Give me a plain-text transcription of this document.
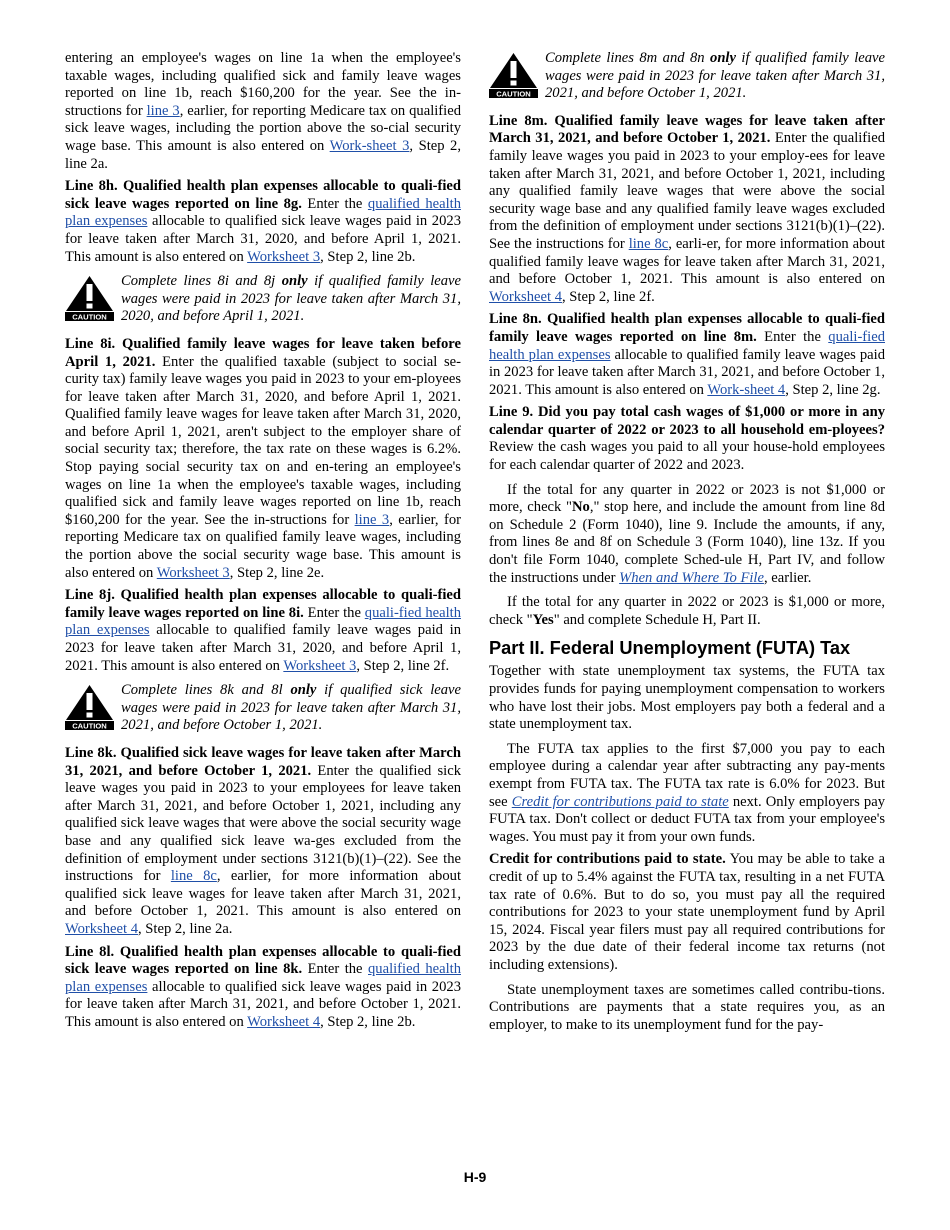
entering an employee's wages on line 1a when the employee's taxable wages, including qualified sick and family leave wages reported on line 1b, reach $160,200 for the year. See the in-structions for line 3, earlier, for reporting Medicare tax on qualified sick leave wages, including the portion above the so-cial security wage base. This amount is also entered on Work-sheet 3, Step 2, line 2a.

Line 8h. Qualified health plan expenses allocable to quali-fied sick leave wages reported on line 8g. Enter the qualified health plan expenses allocable to qualified sick leave wages paid in 2023 for leave taken after March 31, 2020, and before April 1, 2021. This amount is also entered on Worksheet 3, Step 2, line 2b.

CAUTION
Complete lines 8i and 8j only if qualified family leave wages were paid in 2023 for leave taken after March 31, 2020, and before April 1, 2021.

Line 8i. Qualified family leave wages for leave taken before April 1, 2021. Enter the qualified taxable (subject to social se-curity tax) family leave wages you paid in 2023 to your em-ployees for leave taken after March 31, 2020, and before April 1, 2021. Qualified family leave wages for leave taken after March 31, 2020, and before April 1, 2021, aren't subject to the employer share of social security tax; therefore, the tax rate on these wages is 6.2%. Stop paying social security tax on and en-tering an employee's wages on line 1a when the employee's taxable wages, including qualified sick and family leave wages reported on line 1b, reach $160,200 for the year. See the in-structions for line 3, earlier, for reporting Medicare tax on qualified family leave wages, including the portion above the social security wage base. This amount is also entered on Worksheet 3, Step 2, line 2e.

Line 8j. Qualified health plan expenses allocable to quali-fied family leave wages reported on line 8i. Enter the quali-fied health plan expenses allocable to qualified family leave wages paid in 2023 for leave taken after March 31, 2020, and before April 1, 2021. This amount is also entered on Worksheet 3, Step 2, line 2f.

CAUTION
Complete lines 8k and 8l only if qualified sick leave wages were paid in 2023 for leave taken after March 31, 2021, and before October 1, 2021.

Line 8k. Qualified sick leave wages for leave taken after March 31, 2021, and before October 1, 2021. Enter the qualified sick leave wages you paid in 2023 to your employees for leave taken after March 31, 2021, and before October 1, 2021, including any qualified sick leave wages that were above the social security wage base and any qualified sick leave wa-ges excluded from the definition of employment under sections 3121(b)(1)–(22). See the instructions for line 8c, earlier, for more information about qualified sick leave wages for leave taken after March 31, 2021, and before October 1, 2021. This amount is also entered on Worksheet 4, Step 2, line 2a.

Line 8l. Qualified health plan expenses allocable to quali-fied sick leave wages reported on line 8k. Enter the qualified health plan expenses allocable to qualified sick leave wages paid in 2023 for leave taken after March 31, 2021, and before October 1, 2021. This amount is also entered on Worksheet 4, Step 2, line 2b.

CAUTION
Complete lines 8m and 8n only if qualified family leave wages were paid in 2023 for leave taken after March 31, 2021, and before October 1, 2021.

Line 8m. Qualified family leave wages for leave taken after March 31, 2021, and before October 1, 2021. Enter the qualified family leave wages you paid in 2023 to your employ-ees for leave taken after March 31, 2021, and before October 1, 2021, including any qualified family leave wages that were above the social security wage base and any qualified family leave wages excluded from the definition of employment under sections 3121(b)(1)–(22). See the instructions for line 8c, earli-er, for more information about qualified family leave wages for leave taken after March 31, 2021, and before October 1, 2021. This amount is also entered on Worksheet 4, Step 2, line 2f.

Line 8n. Qualified health plan expenses allocable to quali-fied family leave wages reported on line 8m. Enter the quali-fied health plan expenses allocable to qualified family leave wages paid in 2023 for leave taken after March 31, 2021, and before October 1, 2021. This amount is also entered on Work-sheet 4, Step 2, line 2g.

Line 9. Did you pay total cash wages of $1,000 or more in any calendar quarter of 2022 or 2023 to all household em-ployees? Review the cash wages you paid to all your house-hold employees for each calendar quarter of 2022 and 2023.

If the total for any quarter in 2022 or 2023 is not $1,000 or more, check "No," stop here, and include the amount from line 8d on Schedule 2 (Form 1040), line 9. Include the amounts, if any, from lines 8e and 8f on Schedule 3 (Form 1040), line 13z. If you don't file Form 1040, complete Sched-ule H, Part IV, and follow the instructions under When and Where To File, earlier.

If the total for any quarter in 2022 or 2023 is $1,000 or more, check "Yes" and complete Schedule H, Part II.

Part II. Federal Unemployment (FUTA) Tax

Together with state unemployment tax systems, the FUTA tax provides funds for paying unemployment compensation to workers who have lost their jobs. Most employers pay both a federal and a state unemployment tax.

The FUTA tax applies to the first $7,000 you pay to each employee during a calendar year after subtracting any pay-ments exempt from FUTA tax. The FUTA tax rate is 6.0% for 2023. But see Credit for contributions paid to state next. Only employers pay FUTA tax. Don't collect or deduct FUTA tax from your employee's wages. You must pay it from your own funds.

Credit for contributions paid to state. You may be able to take a credit of up to 5.4% against the FUTA tax, resulting in a net FUTA tax rate of 0.6%. But to do so, you must pay all the required contributions for 2023 to your state unemployment fund by April 15, 2024. Fiscal year filers must pay all required contributions for 2023 by the due date of their federal income tax returns (not including extensions).

State unemployment taxes are sometimes called contribu-tions. Contributions are payments that a state requires you, as an employer, to make to its unemployment fund for the pay-

H-9
